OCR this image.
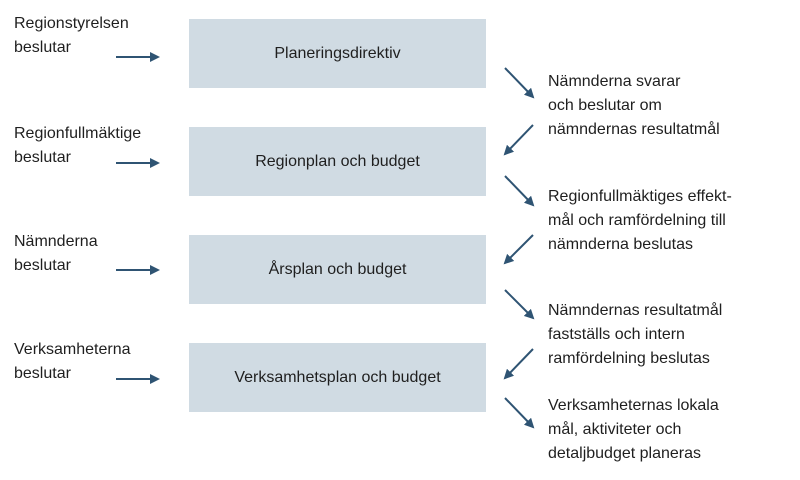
Regionstyrelsen
beslutar
Regionfullmäktige
beslutar
Nämnderna
beslutar
Verksamheterna
beslutar
Planeringsdirektiv
Regionplan och budget
Årsplan och budget
Verksamhetsplan och budget
Nämnderna svarar
och beslutar om
nämndernas resultatmål
Regionfullmäktiges effekt-
mål och ramfördelning till
nämnderna beslutas
Nämndernas resultatmål
fastställs och intern
ramfördelning beslutas
Verksamheternas lokala
mål, aktiviteter och
detaljbudget planeras
